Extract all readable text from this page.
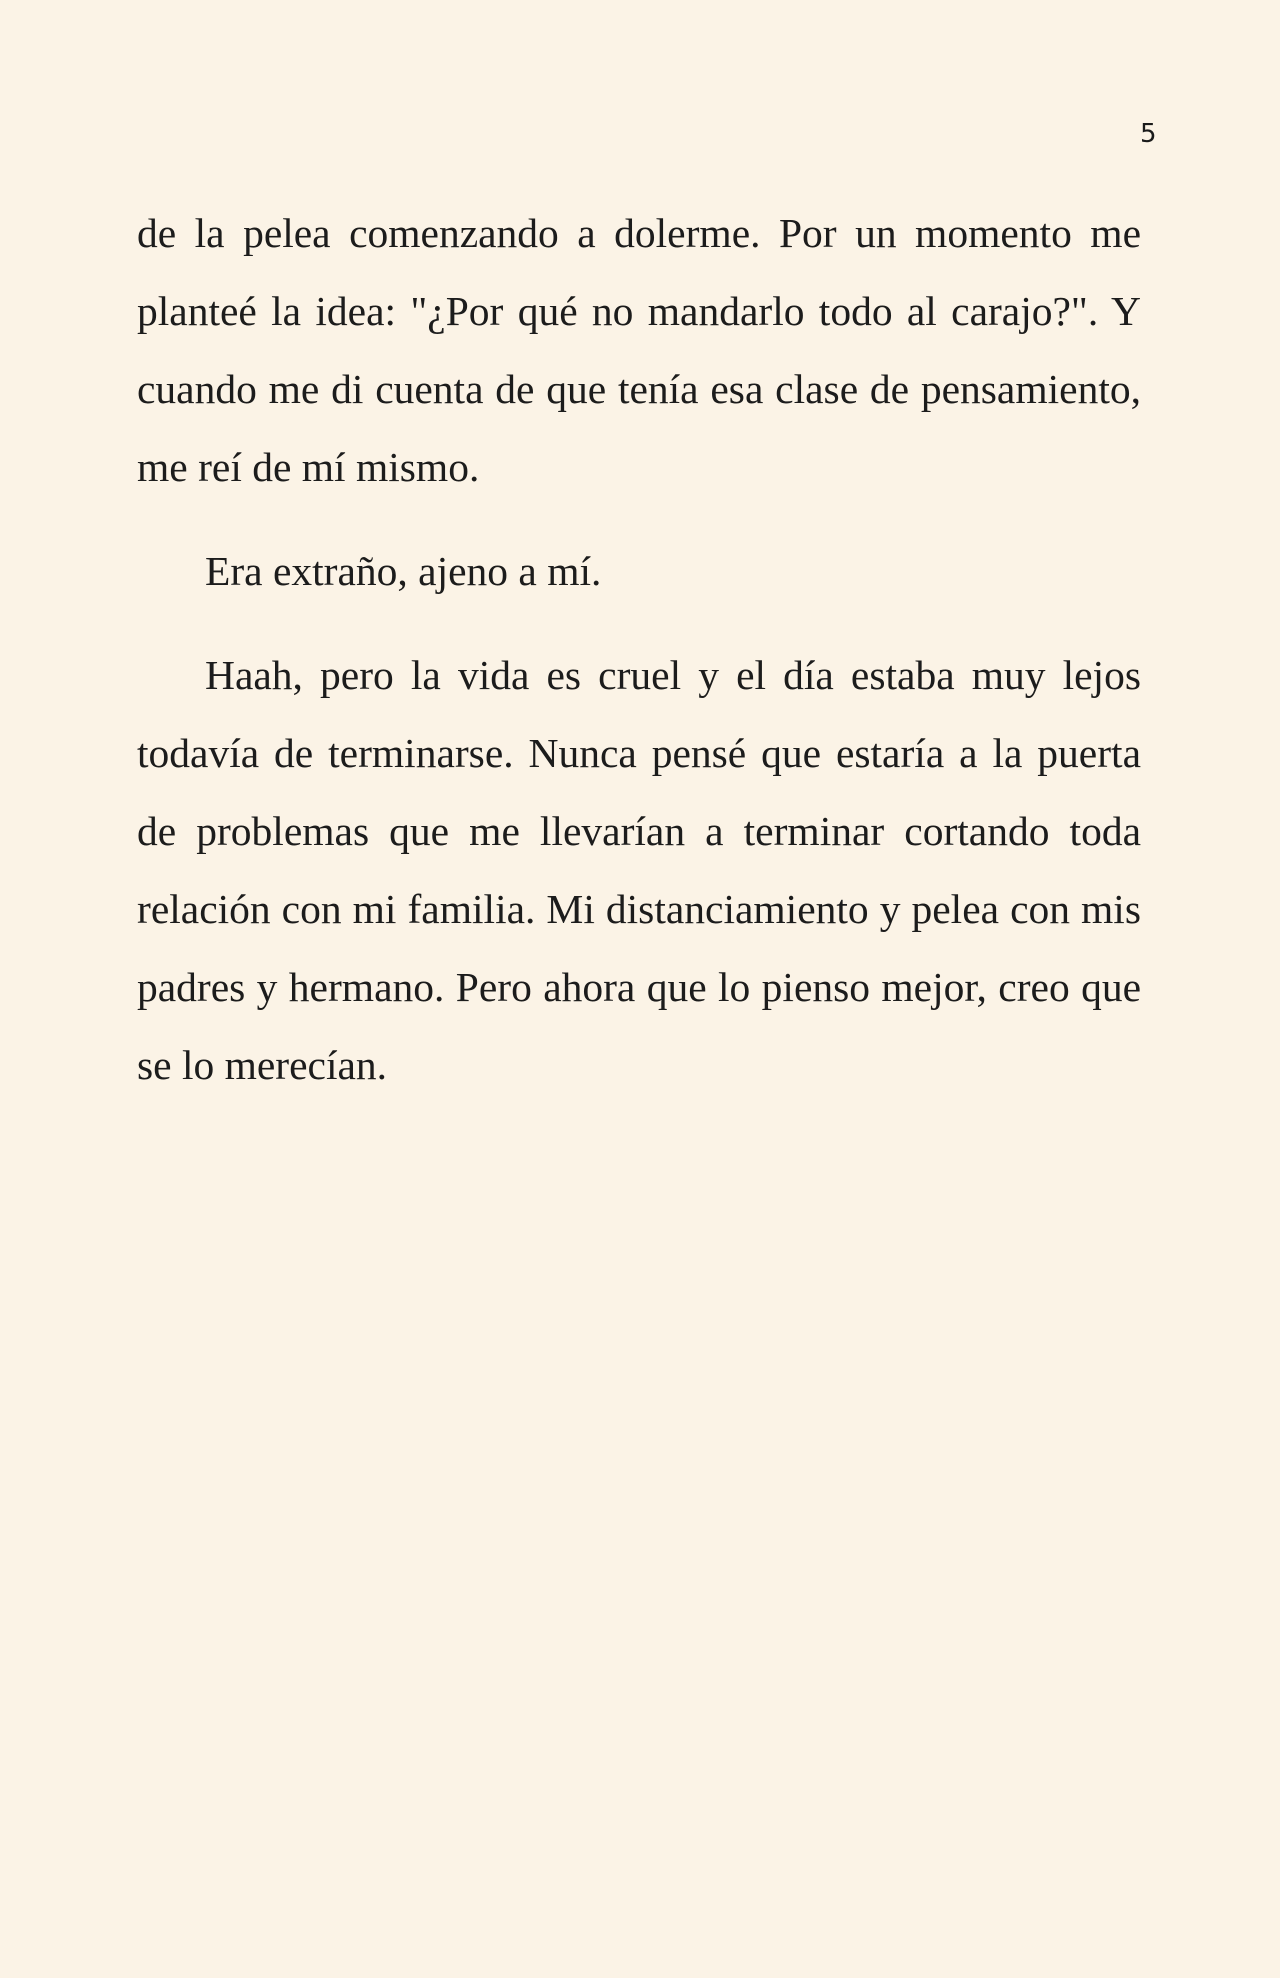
5

de la pelea comenzando a dolerme. Por un momento me planteé la idea: "¿Por qué no mandarlo todo al carajo?". Y cuando me di cuenta de que tenía esa clase de pensamiento, me reí de mí mismo.

Era extraño, ajeno a mí.

Haah, pero la vida es cruel y el día estaba muy lejos todavía de terminarse. Nunca pensé que estaría a la puerta de problemas que me llevarían a terminar cortando toda relación con mi familia. Mi distanciamiento y pelea con mis padres y hermano. Pero ahora que lo pienso mejor, creo que se lo merecían.
